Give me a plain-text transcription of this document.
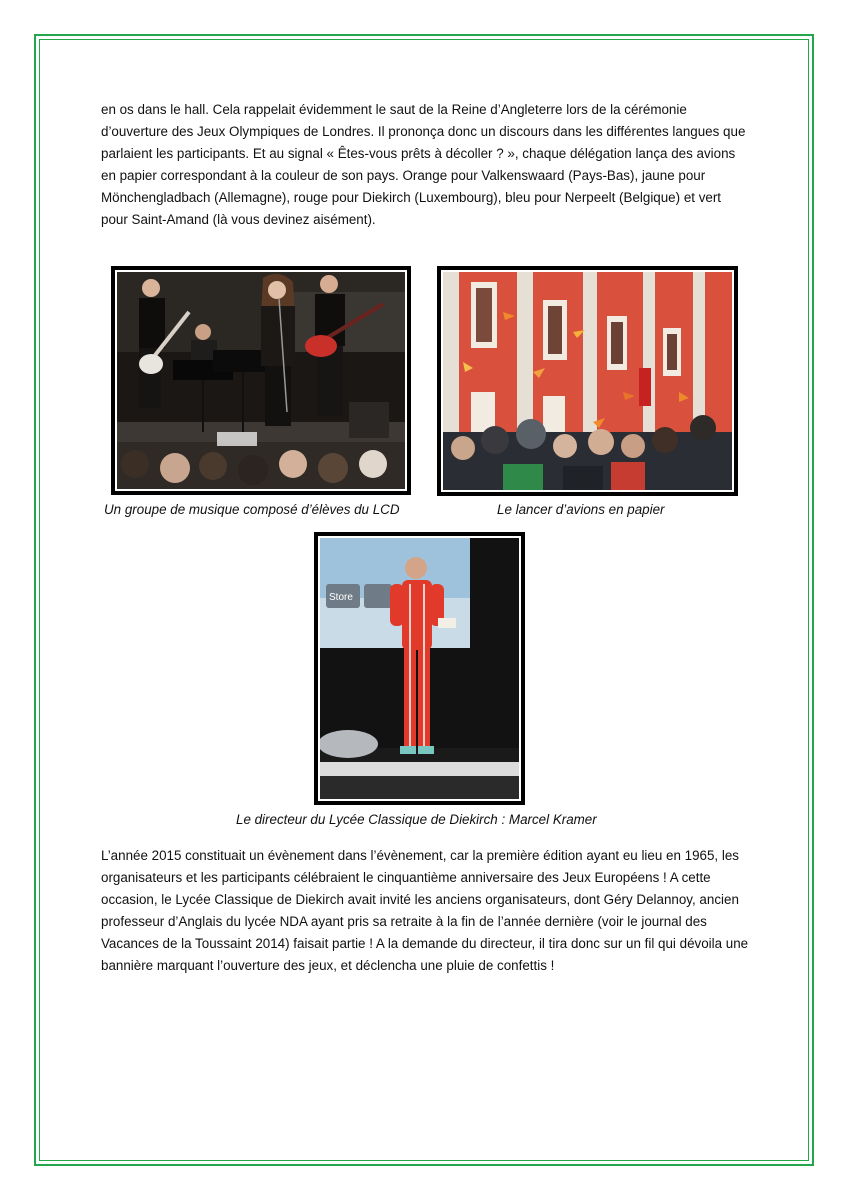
en os dans le hall. Cela rappelait évidemment le saut de la Reine d’Angleterre lors de la cérémonie d’ouverture des Jeux Olympiques de Londres. Il prononça donc un discours dans les différentes langues que parlaient les participants. Et au signal « Êtes-vous prêts à décoller ? », chaque délégation lança des avions en papier correspondant à la couleur de son pays. Orange pour Valkenswaard (Pays-Bas), jaune pour Mönchengladbach (Allemagne), rouge pour Diekirch (Luxembourg), bleu pour Nerpeelt (Belgique) et vert pour Saint-Amand (là vous devinez aisément).

Un groupe de musique composé d’élèves du LCD	Le lancer d’avions en papier

Store

Le directeur du Lycée Classique de Diekirch : Marcel Kramer

L’année 2015 constituait un évènement dans l’évènement, car la première édition ayant eu lieu en 1965, les organisateurs et les participants célébraient le cinquantième anniversaire des Jeux Européens ! A cette occasion, le Lycée Classique de Diekirch avait invité les anciens organisateurs, dont Géry Delannoy, ancien professeur d’Anglais du lycée NDA ayant pris sa retraite à la fin de l’année dernière (voir le journal des Vacances de la Toussaint 2014) faisait partie ! A la demande du directeur, il tira donc sur un fil qui dévoila une bannière marquant l’ouverture des jeux, et déclencha une pluie de confettis !
